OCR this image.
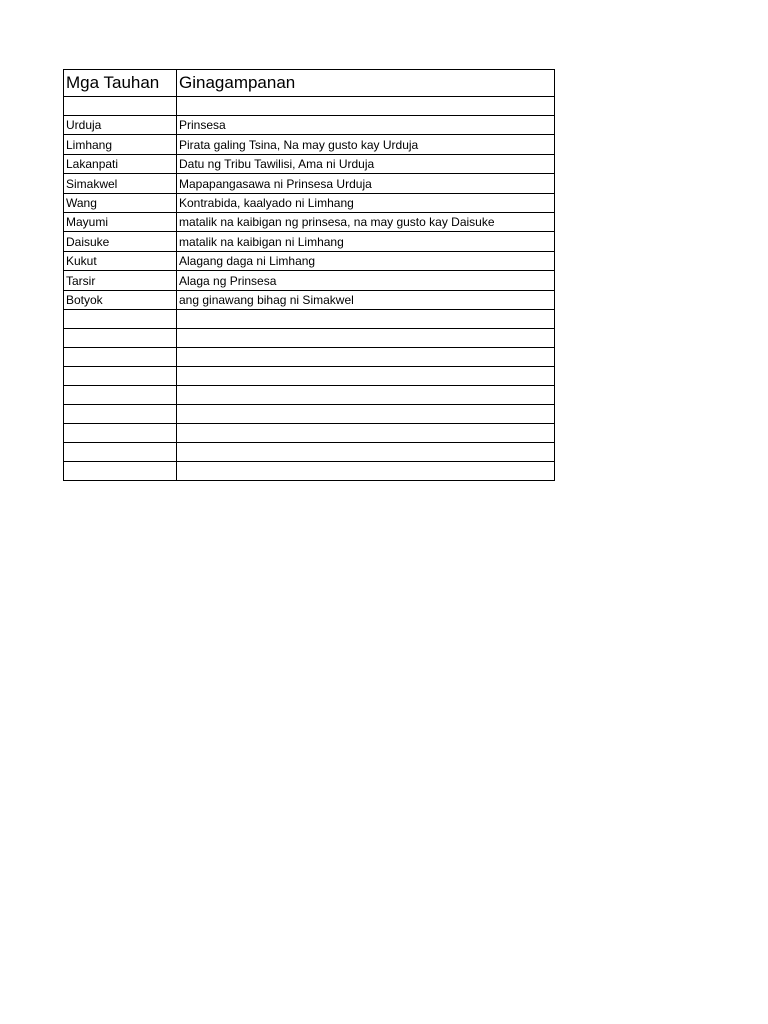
Mga Tauhan	Ginagampanan

Urduja	Prinsesa
Limhang	Pirata galing Tsina, Na may gusto kay Urduja
Lakanpati	Datu ng Tribu Tawilisi, Ama ni Urduja
Simakwel	Mapapangasawa ni Prinsesa Urduja
Wang	Kontrabida, kaalyado ni Limhang
Mayumi	matalik na kaibigan ng prinsesa, na may gusto kay Daisuke
Daisuke	matalik na kaibigan ni Limhang
Kukut	Alagang daga ni Limhang
Tarsir	Alaga ng Prinsesa
Botyok	ang ginawang bihag ni Simakwel
